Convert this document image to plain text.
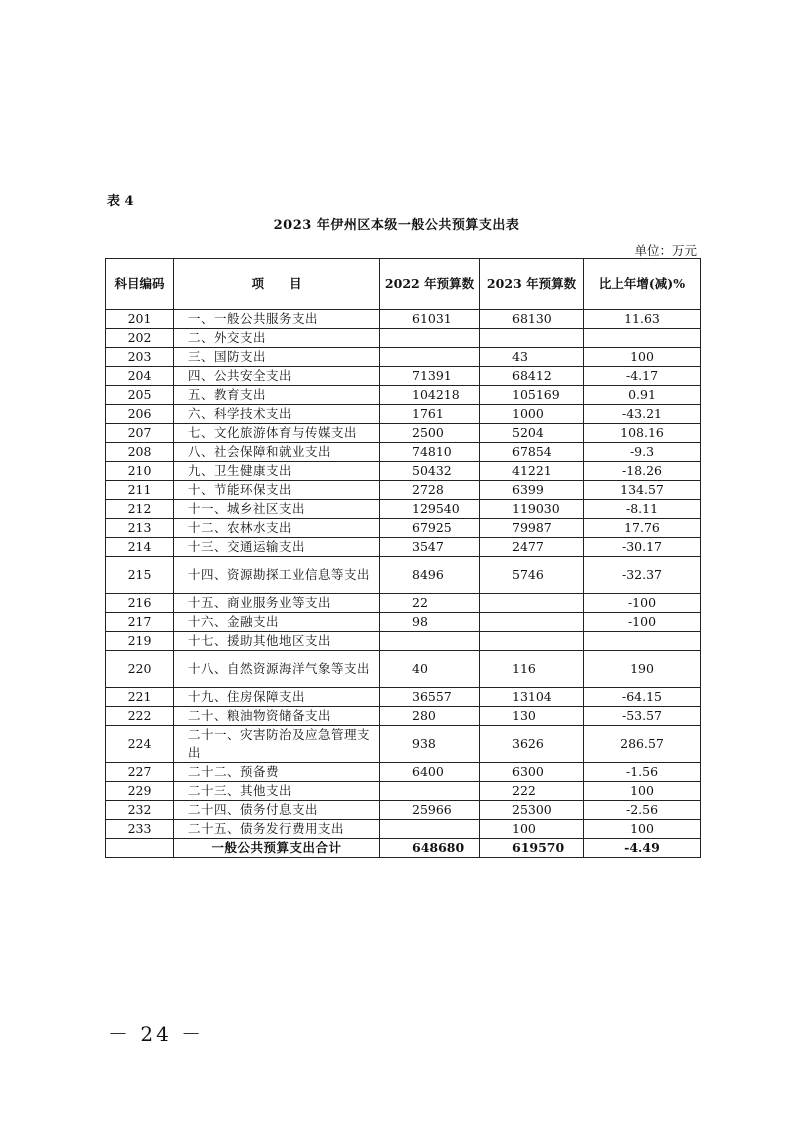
表 4
2023 年伊州区本级一般公共预算支出表
单位：万元
科目编码	项　　目	2022 年预算数	2023 年预算数	比上年增(减)%
201	一、一般公共服务支出	61031	68130	11.63
202	二、外交支出			
203	三、国防支出		43	100
204	四、公共安全支出	71391	68412	-4.17
205	五、教育支出	104218	105169	0.91
206	六、科学技术支出	1761	1000	-43.21
207	七、文化旅游体育与传媒支出	2500	5204	108.16
208	八、社会保障和就业支出	74810	67854	-9.3
210	九、卫生健康支出	50432	41221	-18.26
211	十、节能环保支出	2728	6399	134.57
212	十一、城乡社区支出	129540	119030	-8.11
213	十二、农林水支出	67925	79987	17.76
214	十三、交通运输支出	3547	2477	-30.17
215	十四、资源勘探工业信息等支出	8496	5746	-32.37
216	十五、商业服务业等支出	22		-100
217	十六、金融支出	98		-100
219	十七、援助其他地区支出			
220	十八、自然资源海洋气象等支出	40	116	190
221	十九、住房保障支出	36557	13104	-64.15
222	二十、粮油物资储备支出	280	130	-53.57
224	二十一、灾害防治及应急管理支出	938	3626	286.57
227	二十二、预备费	6400	6300	-1.56
229	二十三、其他支出		222	100
232	二十四、债务付息支出	25966	25300	-2.56
233	二十五、债务发行费用支出		100	100
	一般公共预算支出合计	648680	619570	-4.49
－ 24 －
